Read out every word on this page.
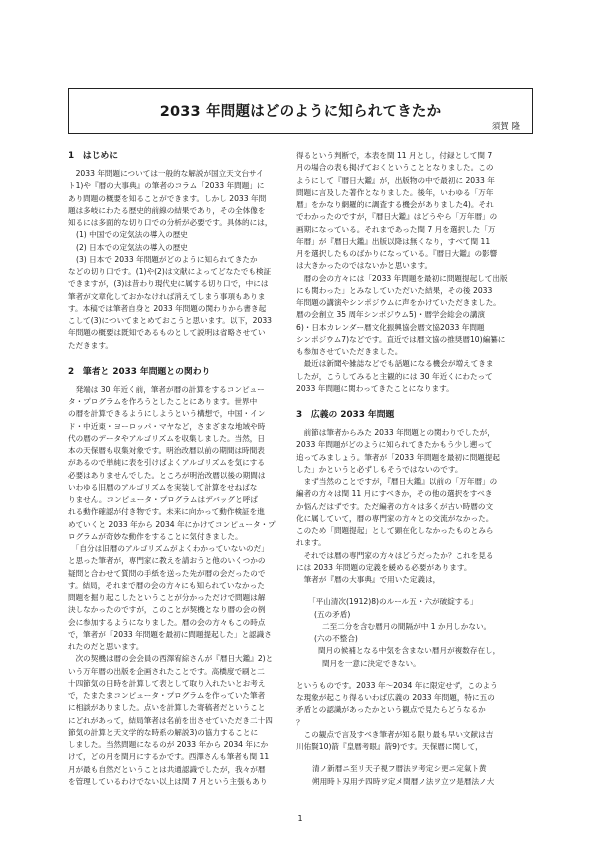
2033 年問題はどのように知られてきたか
須賀 隆

1　はじめに

　2033 年問題については一般的な解説が国立天文台サイ

ト1)や『暦の大事典』の筆者のコラム「2033 年問題」に

あり問題の概要を知ることができます。しかし 2033 年問

題は多岐にわたる歴史的前線の結果であり，その全体像を

知るには多面的な切り口での分析が必要です。具体的には，

(1) 中国での定気法の導入の歴史

(2) 日本での定気法の導入の歴史

(3) 日本で 2033 年問題がどのように知られてきたか

などの切り口です。(1)や(2)は文献によってどなたでも検証

できますが，(3)は昔わり現代史に属する切り口で，中には

筆者が文章化しておかなければ消えてしまう事項もありま

す。本稿では筆者自身と 2033 年問題の関わりから書き起

こして(3)についてまとめておこうと思います。以下，2033

年問題の概要は既知であるものとして説明は省略させてい

ただきます。

2　筆者と 2033 年問題との関わり

　発端は 30 年近く前，筆者が暦の計算をするコンピュー

タ・プログラムを作ろうとしたことにあります。世界中

の暦を計算できるようにしようという構想で，中国・イン

ド・中近東・ヨーロッパ・マヤなど，さまざまな地域や時

代の暦のデータやアルゴリズムを収集しました。当然，日

本の天保暦も収集対象です。明治改暦以前の期間は時間表

があるので単純に表を引けばよくアルゴリズムを気にする

必要はありませんでした。ところが明治改暦以後の期間は

いわゆる旧暦のアルゴリズムを実装して計算をせねばな

りません。コンピュータ・プログラムはデバッグと呼ば

れる動作確認が付き物です。未来に向かって動作検証を進

めていくと 2033 年から 2034 年にかけてコンピュータ・プ

ログラムが奇妙な動作をすることに気付きました。

　「自分は旧暦のアルゴリズムがよくわかっていないのだ」

と思った筆者が，専門家に教えを請おうと他のいくつかの

疑問と合わせて質問の手紙を送った先が暦の会だったので

す。結局，それまで暦の会の方々にも知られていなかった

問題を掘り起こしたということが分かっただけで問題は解

決しなかったのですが，このことが契機となり暦の会の例

会に参加するようになりました。暦の会の方々もこの時点

で，筆者が「2033 年問題を最初に問題提起した」と認識さ

れたのだと思います。

　次の契機は暦の会会員の西澤宥綜さんが『暦日大鑑』2)と

いう万年暦の出版を企画されたことです。高橋度で刷と二

十四節気の日時を計算して表として取り入れたいとお考え

で，たまたまコンピュータ・プログラムを作っていた筆者

に相談がありました。点いを計算した寄稿者だということ

にどれがあって，結局筆者は名前を出させていただき二十四

節気の計算と天文学的な時系の解説3)の協力することに

しました。当然問題になるのが 2033 年から 2034 年にか

けて，どの月を閏月にするかです。西澤さんも筆者も閏 11

月が最も自然だということは共通認識でしたが，我々が暦

を管理しているわけでない以上は閏 7 月という主張もあり

得るという判断で，本表を閏 11 月とし，付録として閏 7

月の場合の表も掲げておくということとなりました。この

ようにして『暦日大鑑』が，出版物の中で最初に 2033 年

問題に言及した著作となりました。後年，いわゆる「万年

暦」をかなり網羅的に調査する機会がありました4)。それ

でわかったのですが，『暦日大鑑』はどうやら「万年暦」の

画期になっている。それまであった閏 7 月を選択した「万

年暦」が『暦日大鑑』出版以降は無くなり，すべて閏 11

月を選択したものばかりになっている。『暦日大鑑』の影響

は大きかったのではないかと思います。

　暦の会の方々には「2033 年問題を最初に問題提起して出版

にも関わった」とみなしていただいた結果，その後 2033

年問題の講演やシンポジウムに声をかけていただきました。

暦の会創立 35 周年シンポジウム5)・暦学会総会の講演

6)・日本カレンダー暦文化振興協会暦文協2033 年問題

シンポジウム7)などです。直近では暦文協の推奨暦10)編纂に

も参加させていただきました。

　最近は新聞や雑誌などでも話題になる機会が増えてきま

したが，こうしてみると主観的には 30 年近くにわたって

2033 年問題に関わってきたことになります。

3　広義の 2033 年問題

　前節は筆者からみた 2033 年問題との関わりでしたが，

2033 年問題がどのように知られてきたかもう少し遡って

追ってみましょう。筆者が「2033 年問題を最初に問題提起

した」かというと必ずしもそうではないのです。

　まず当然のことですが，『暦日大鑑』以前の「万年暦」の

編者の方々は閏 11 月にすべきか，その他の選択をすべき

か悩んだはずです。ただ編者の方々は多くが古い時暦の文

化に属していて，暦の専門家の方々との交流がなかった。

このため「問題提起」として顕在化しなかったものとみら

れます。

　それでは暦の専門家の方々はどうだったか？これを見る

には 2033 年問題の定義を緩める必要があります。

　筆者が『暦の大事典』で用いた定義は，

「平山清次(1912)8)のルール五・六が破綻する」

(五の矛盾)

二至二分を含む暦月の間隔が中 1 か月しかない。

(六の不整合)

閏月の候補となる中気を含まない暦月が複数存在し，

閏月を一意に決定できない。

というものです。2033 年〜2034 年に限定せず，このよう

な現象が起こり得るいわば広義の 2033 年問題，特に五の

矛盾との認識があったかという観点で見たらどうなるか

？

　この観点で言及すべき筆者が知る限り最も早い文献は吉

川佑賢10)箭『皇暦考眼』箭9)です。天保暦に関して，

清ノ新暦ニ至リ天子視フ暦法ヲ考定シ更ニ定氣ト黄

朔用時ト刄用テ四時ヲ定メ閏暦ノ法ヲ立ツ是暦法ノ大

1
